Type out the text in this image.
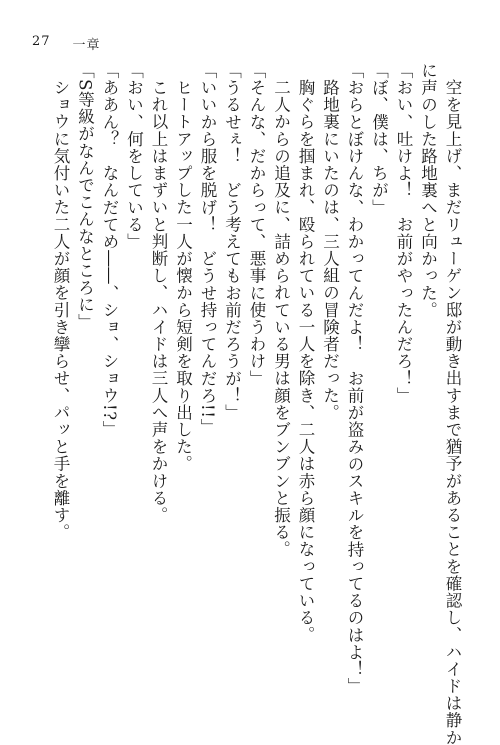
27 一章
空を見上げ、まだリューゲン邸が動き出すまで猶予があることを確認し、ハイドは静か
に声のした路地裏へと向かった。
「おい、吐けよ！　お前がやったんだろ！」
「ぼ、僕は、ちが」
「おらとぼけんな、わかってんだよ！　お前が盗みのスキルを持ってるのはよ！」
路地裏にいたのは、三人組の冒険者だった。
胸ぐらを掴まれ、殴られている一人を除き、二人は赤ら顔になっている。
二人からの追及に、詰められている男は顔をブンブンと振る。
「そんな、だからって、悪事に使うわけ」
「うるせぇ！　どう考えてもお前だろうが！」
「いいから服を脱げ！　どうせ持ってんだろ!!」
ヒートアップした一人が懐から短剣を取り出した。
これ以上はまずいと判断し、ハイドは三人へ声をかける。
「おい、何をしている」
「ああん？　なんだてめ――、ショ、ショウ!?」
「S等級がなんでこんなところに」
ショウに気付いた二人が顔を引き攣らせ、パッと手を離す。
